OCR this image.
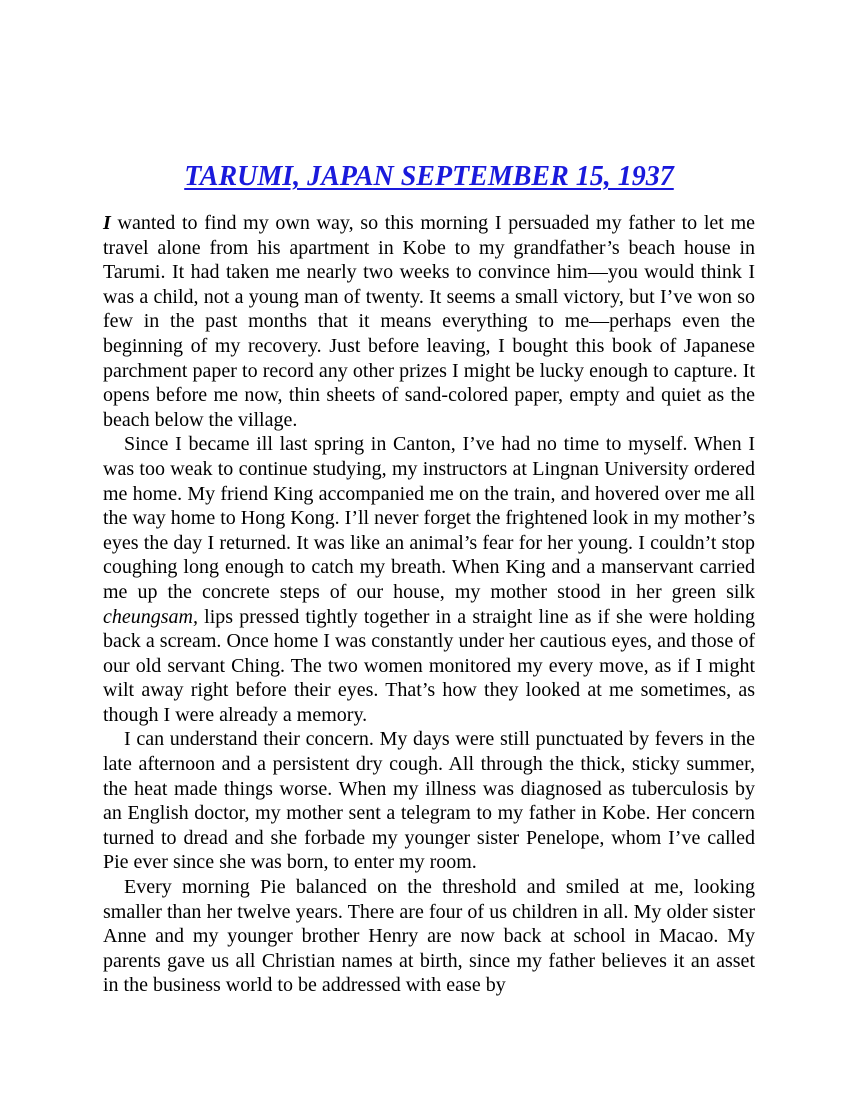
TARUMI, JAPAN SEPTEMBER 15, 1937

I wanted to find my own way, so this morning I persuaded my father to let me travel alone from his apartment in Kobe to my grandfather’s beach house in Tarumi. It had taken me nearly two weeks to convince him—you would think I was a child, not a young man of twenty. It seems a small victory, but I’ve won so few in the past months that it means everything to me—perhaps even the beginning of my recovery. Just before leaving, I bought this book of Japanese parchment paper to record any other prizes I might be lucky enough to capture. It opens before me now, thin sheets of sand-colored paper, empty and quiet as the beach below the village.

Since I became ill last spring in Canton, I’ve had no time to myself. When I was too weak to continue studying, my instructors at Lingnan University ordered me home. My friend King accompanied me on the train, and hovered over me all the way home to Hong Kong. I’ll never forget the frightened look in my mother’s eyes the day I returned. It was like an animal’s fear for her young. I couldn’t stop coughing long enough to catch my breath. When King and a manservant carried me up the concrete steps of our house, my mother stood in her green silk cheungsam, lips pressed tightly together in a straight line as if she were holding back a scream. Once home I was constantly under her cautious eyes, and those of our old servant Ching. The two women monitored my every move, as if I might wilt away right before their eyes. That’s how they looked at me sometimes, as though I were already a memory.

I can understand their concern. My days were still punctuated by fevers in the late afternoon and a persistent dry cough. All through the thick, sticky summer, the heat made things worse. When my illness was diagnosed as tuberculosis by an English doctor, my mother sent a telegram to my father in Kobe. Her concern turned to dread and she forbade my younger sister Penelope, whom I’ve called Pie ever since she was born, to enter my room.

Every morning Pie balanced on the threshold and smiled at me, looking smaller than her twelve years. There are four of us children in all. My older sister Anne and my younger brother Henry are now back at school in Macao. My parents gave us all Christian names at birth, since my father believes it an asset in the business world to be addressed with ease by
